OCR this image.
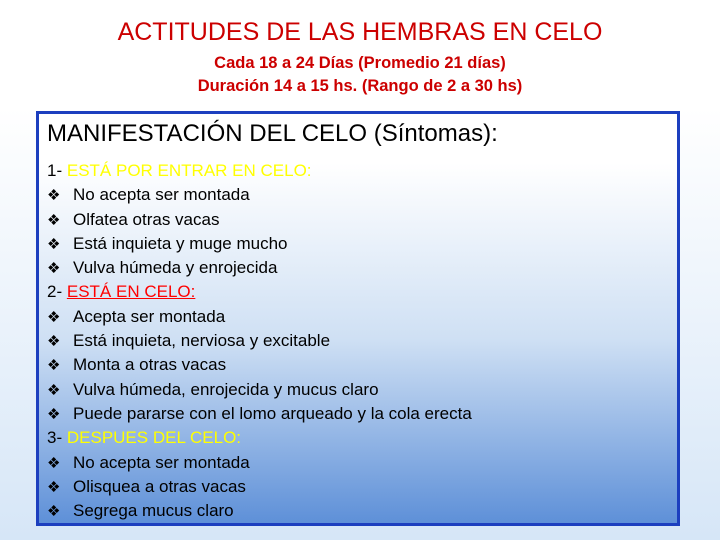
ACTITUDES DE LAS HEMBRAS EN CELO
Cada 18 a 24 Días (Promedio 21 días)
Duración 14 a 15 hs. (Rango de 2 a 30 hs)
MANIFESTACIÓN DEL CELO (Síntomas):
1- ESTÁ POR ENTRAR EN CELO:
❖ No acepta ser montada
❖ Olfatea otras vacas
❖ Está inquieta y muge mucho
❖ Vulva húmeda y enrojecida
2- ESTÁ EN CELO:
❖ Acepta ser montada
❖ Está inquieta, nerviosa y excitable
❖ Monta a otras vacas
❖ Vulva húmeda, enrojecida y mucus claro
❖ Puede pararse con el lomo arqueado y la cola erecta
3- DESPUES DEL CELO:
❖ No acepta ser montada
❖ Olisquea a otras vacas
❖ Segrega mucus claro
